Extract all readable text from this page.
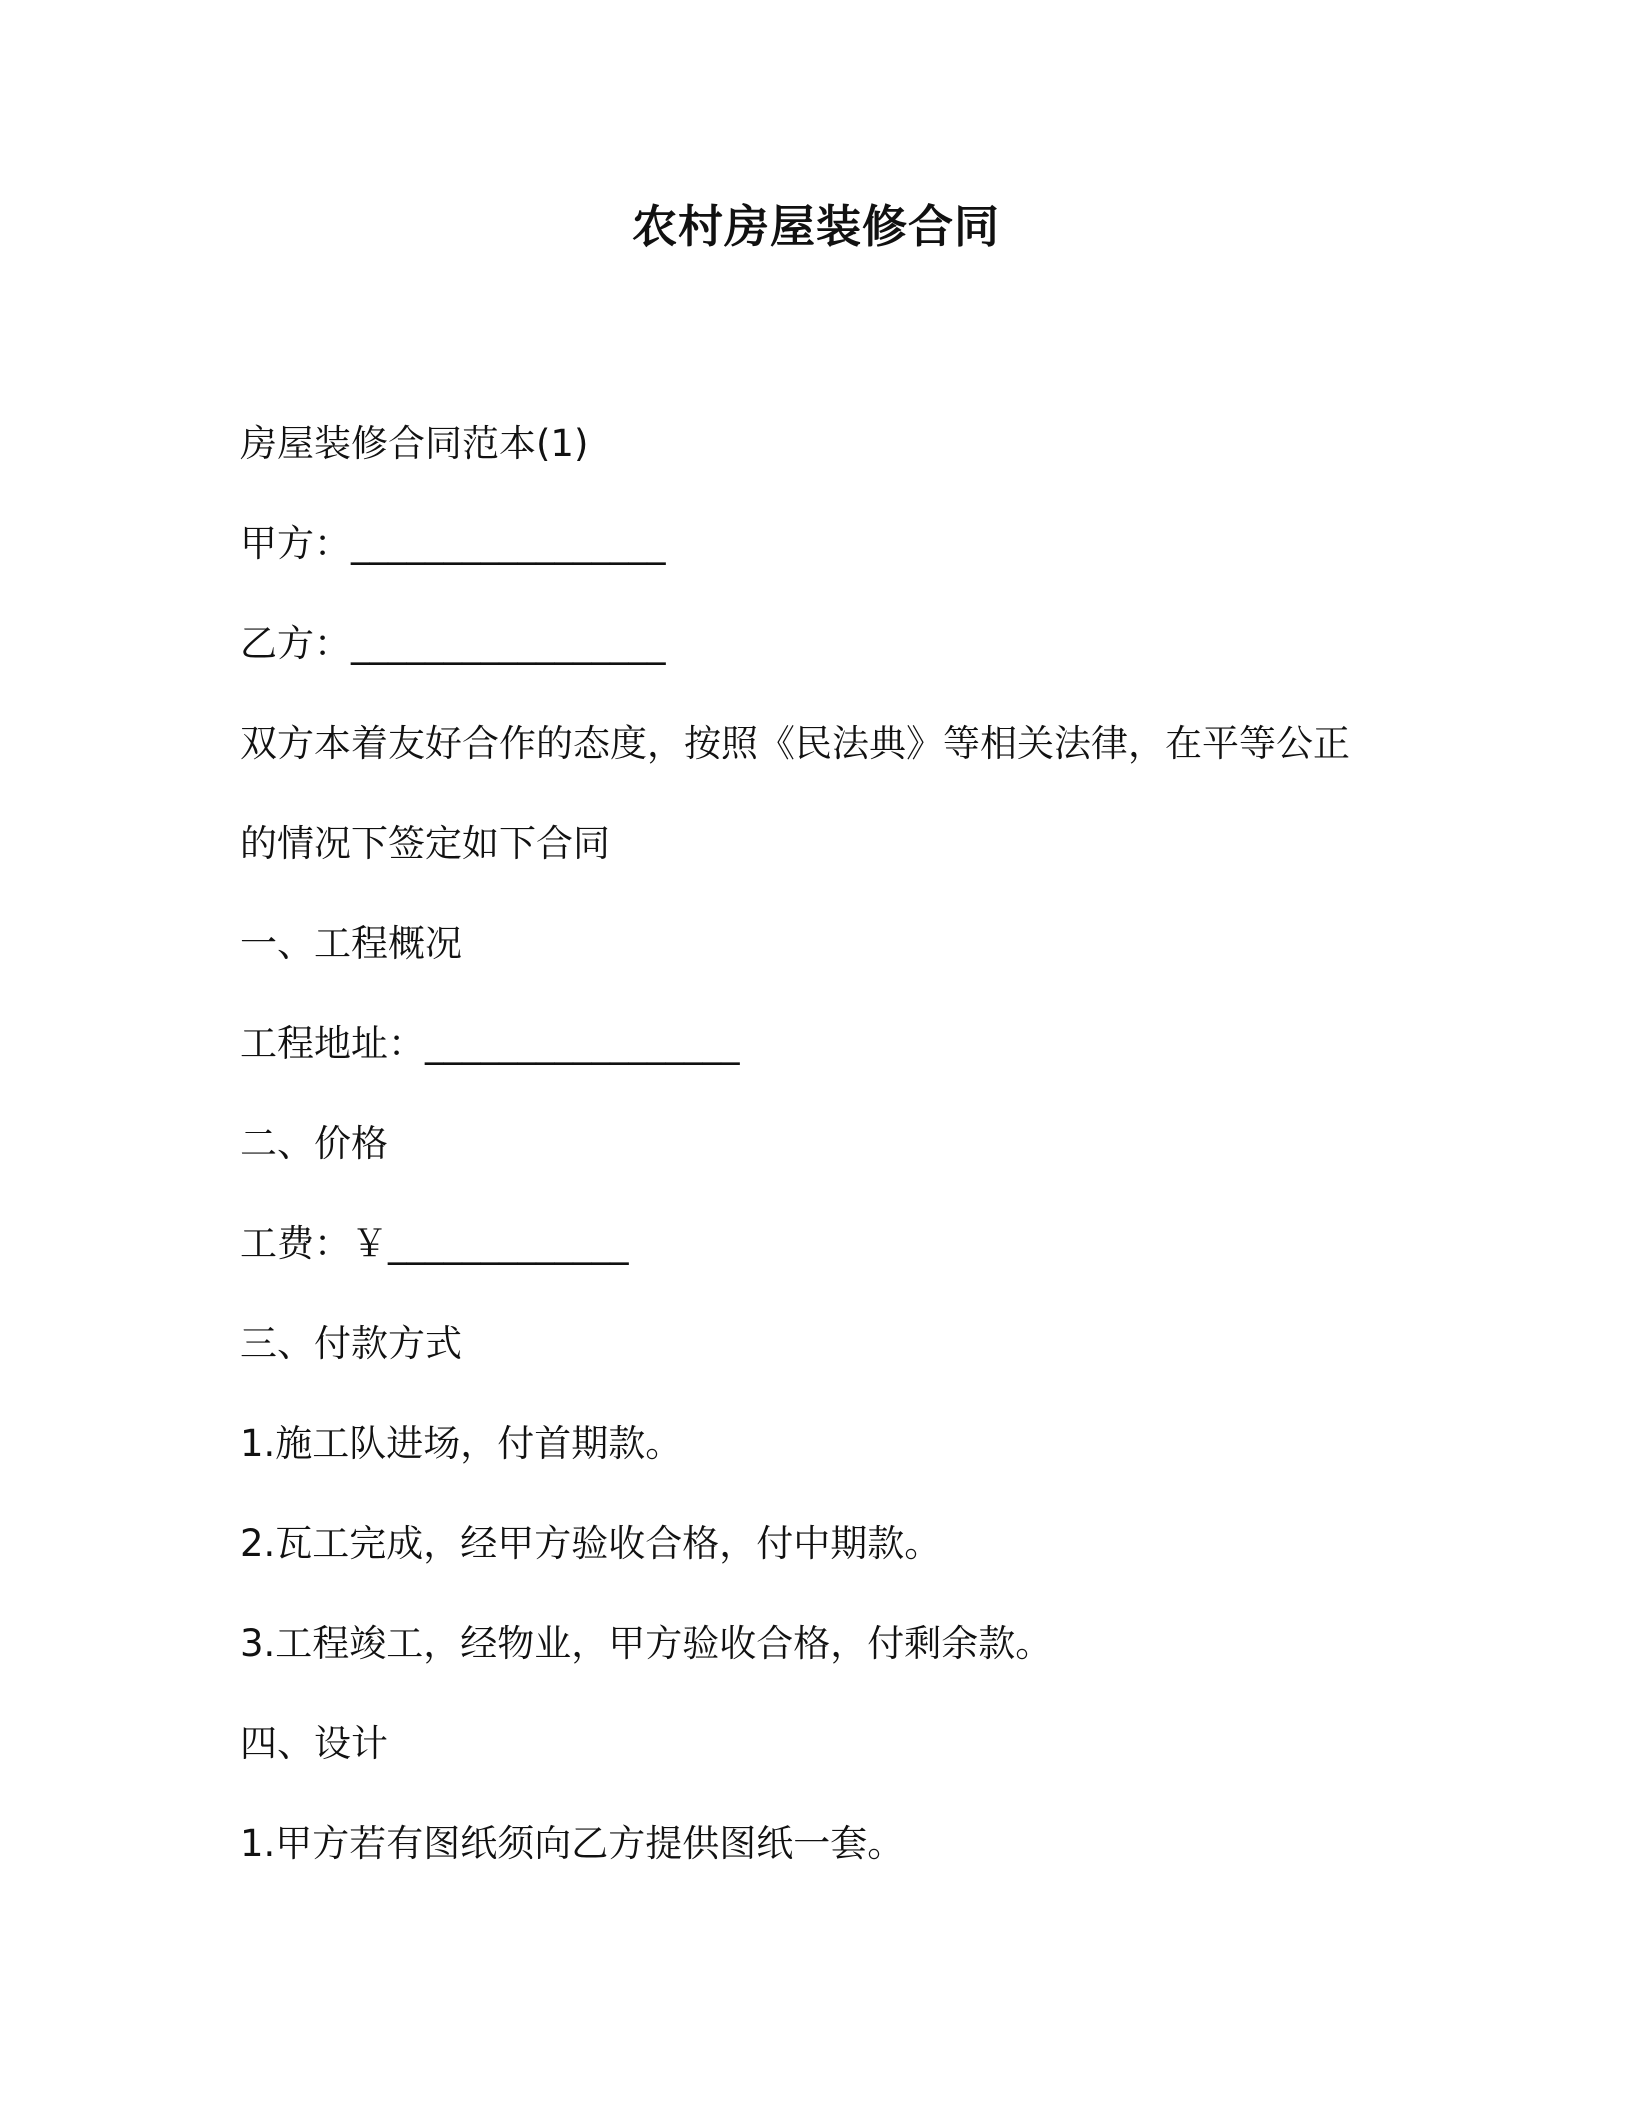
农村房屋装修合同
房屋装修合同范本(1)
甲方：_________________
乙方：_________________
双方本着友好合作的态度，按照《民法典》等相关法律，在平等公正
的情况下签定如下合同
一、工程概况
工程地址：_________________
二、价格
工费：￥_____________
三、付款方式
1.施工队进场，付首期款。
2.瓦工完成，经甲方验收合格，付中期款。
3.工程竣工，经物业，甲方验收合格，付剩余款。
四、设计
1.甲方若有图纸须向乙方提供图纸一套。
